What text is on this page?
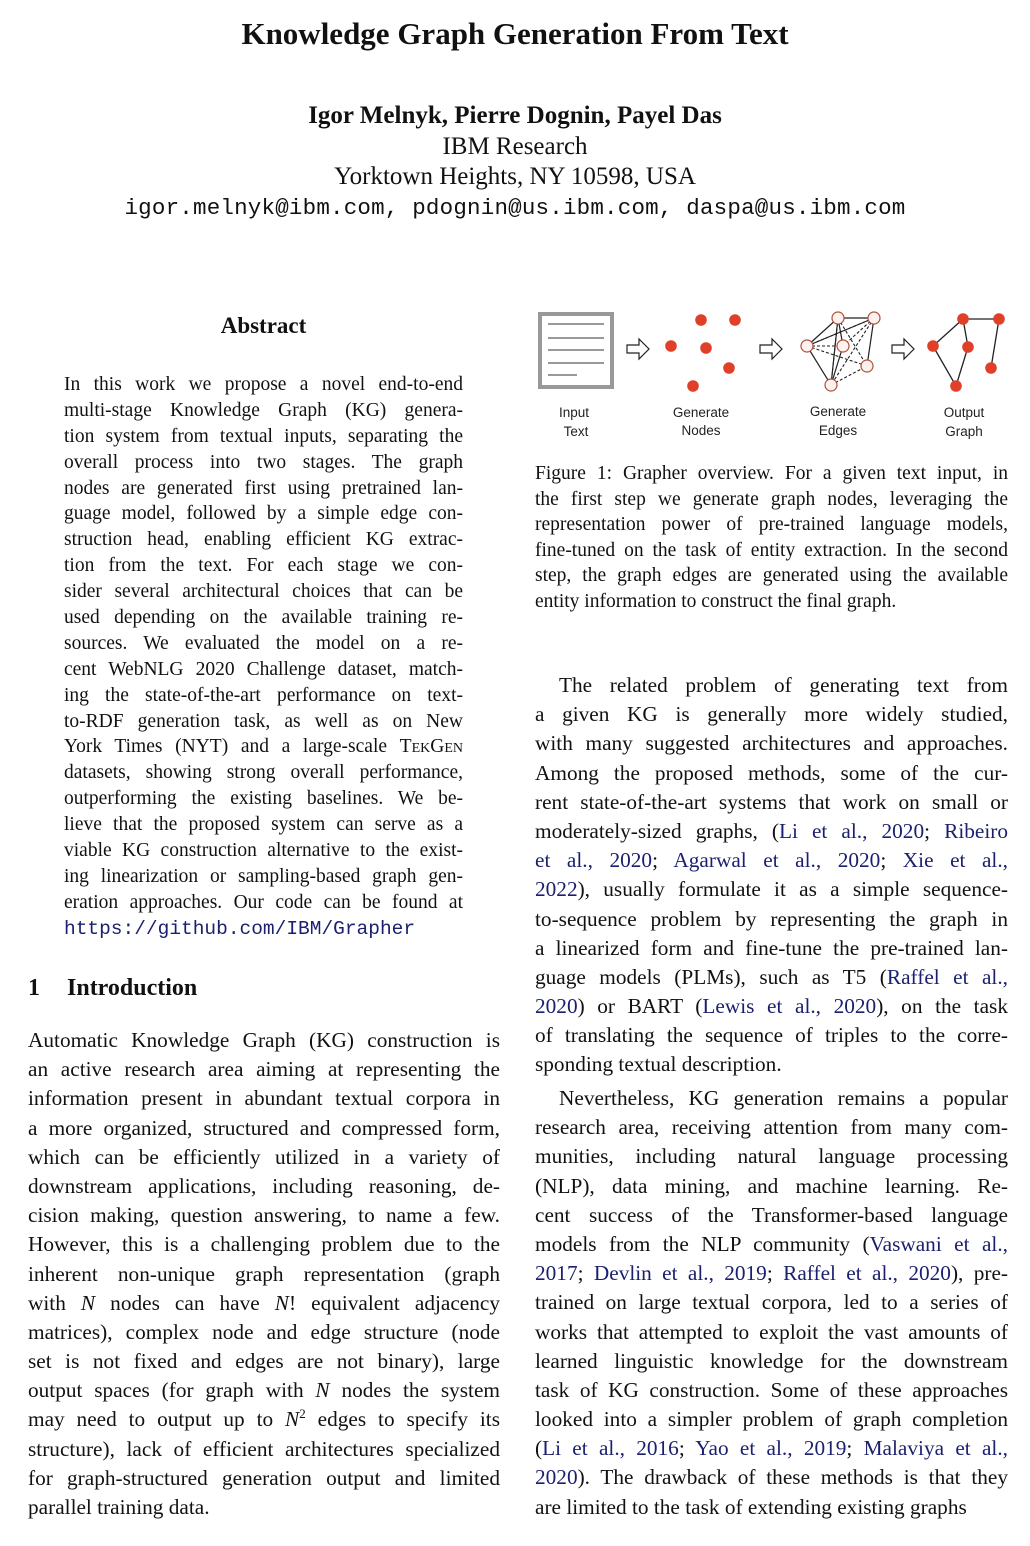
Knowledge Graph Generation From Text
Igor Melnyk, Pierre Dognin, Payel Das
IBM Research
Yorktown Heights, NY 10598, USA
igor.melnyk@ibm.com, pdognin@us.ibm.com, daspa@us.ibm.com
Abstract
In this work we propose a novel end-to-end
multi-stage Knowledge Graph (KG) genera-
tion system from textual inputs, separating the
overall process into two stages. The graph
nodes are generated first using pretrained lan-
guage model, followed by a simple edge con-
struction head, enabling efficient KG extrac-
tion from the text. For each stage we con-
sider several architectural choices that can be
used depending on the available training re-
sources. We evaluated the model on a re-
cent WebNLG 2020 Challenge dataset, match-
ing the state-of-the-art performance on text-
to-RDF generation task, as well as on New
York Times (NYT) and a large-scale TekGen
datasets, showing strong overall performance,
outperforming the existing baselines. We be-
lieve that the proposed system can serve as a
viable KG construction alternative to the exist-
ing linearization or sampling-based graph gen-
eration approaches. Our code can be found at
https://github.com/IBM/Grapher
1 Introduction
Automatic Knowledge Graph (KG) construction is
an active research area aiming at representing the
information present in abundant textual corpora in
a more organized, structured and compressed form,
which can be efficiently utilized in a variety of
downstream applications, including reasoning, de-
cision making, question answering, to name a few.
However, this is a challenging problem due to the
inherent non-unique graph representation (graph
with N nodes can have N! equivalent adjacency
matrices), complex node and edge structure (node
set is not fixed and edges are not binary), large
output spaces (for graph with N nodes the system
may need to output up to $N^2$ edges to specify its
structure), lack of efficient architectures specialized
for graph-structured generation output and limited
parallel training data.
Input
Text
Generate
Nodes
Generate
Edges
Output
Graph
Figure 1: Grapher overview. For a given text input, in
the first step we generate graph nodes, leveraging the
representation power of pre-trained language models,
fine-tuned on the task of entity extraction. In the second
step, the graph edges are generated using the available
entity information to construct the final graph.
The related problem of generating text from
a given KG is generally more widely studied,
with many suggested architectures and approaches.
Among the proposed methods, some of the cur-
rent state-of-the-art systems that work on small or
moderately-sized graphs, (Li et al., 2020; Ribeiro
et al., 2020; Agarwal et al., 2020; Xie et al.,
2022), usually formulate it as a simple sequence-
to-sequence problem by representing the graph in
a linearized form and fine-tune the pre-trained lan-
guage models (PLMs), such as T5 (Raffel et al.,
2020) or BART (Lewis et al., 2020), on the task
of translating the sequence of triples to the corre-
sponding textual description.
Nevertheless, KG generation remains a popular
research area, receiving attention from many com-
munities, including natural language processing
(NLP), data mining, and machine learning. Re-
cent success of the Transformer-based language
models from the NLP community (Vaswani et al.,
2017; Devlin et al., 2019; Raffel et al., 2020), pre-
trained on large textual corpora, led to a series of
works that attempted to exploit the vast amounts of
learned linguistic knowledge for the downstream
task of KG construction. Some of these approaches
looked into a simpler problem of graph completion
(Li et al., 2016; Yao et al., 2019; Malaviya et al.,
2020). The drawback of these methods is that they
are limited to the task of extending existing graphs
